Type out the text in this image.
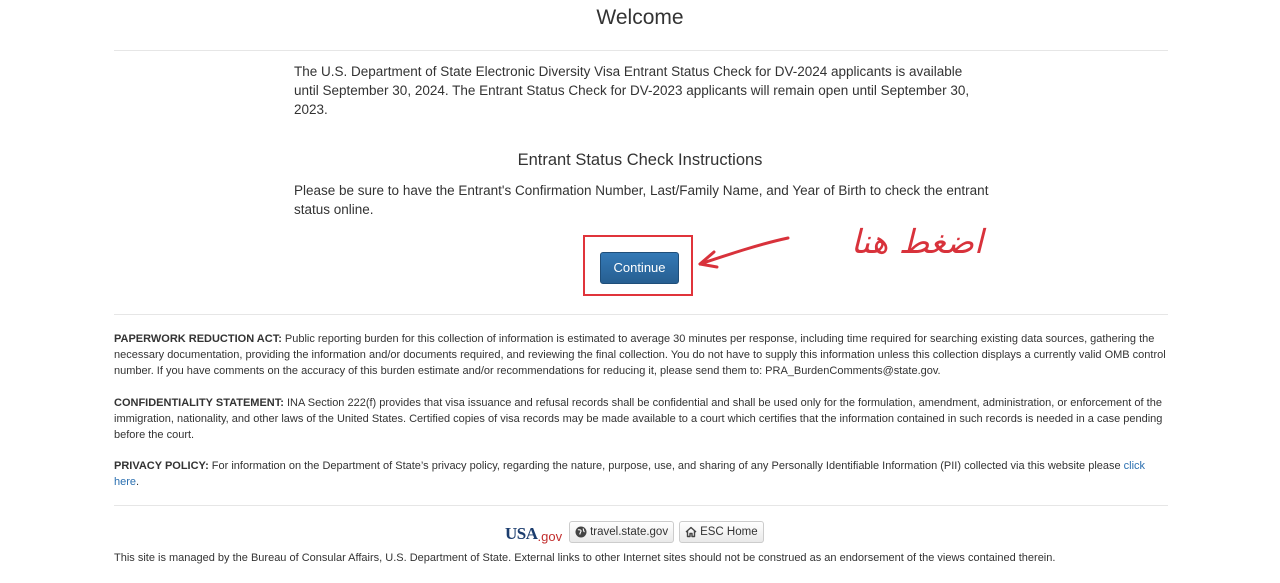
Welcome
The U.S. Department of State Electronic Diversity Visa Entrant Status Check for DV-2024 applicants is available until September 30, 2024. The Entrant Status Check for DV-2023 applicants will remain open until September 30, 2023.
Entrant Status Check Instructions
Please be sure to have the Entrant's Confirmation Number, Last/Family Name, and Year of Birth to check the entrant status online.
Continue
اضغط هنا
PAPERWORK REDUCTION ACT: Public reporting burden for this collection of information is estimated to average 30 minutes per response, including time required for searching existing data sources, gathering the necessary documentation, providing the information and/or documents required, and reviewing the final collection. You do not have to supply this information unless this collection displays a currently valid OMB control number. If you have comments on the accuracy of this burden estimate and/or recommendations for reducing it, please send them to: PRA_BurdenComments@state.gov.
CONFIDENTIALITY STATEMENT: INA Section 222(f) provides that visa issuance and refusal records shall be confidential and shall be used only for the formulation, amendment, administration, or enforcement of the immigration, nationality, and other laws of the United States. Certified copies of visa records may be made available to a court which certifies that the information contained in such records is needed in a case pending before the court.
PRIVACY POLICY: For information on the Department of State’s privacy policy, regarding the nature, purpose, use, and sharing of any Personally Identifiable Information (PII) collected via this website please click here.
USA .gov travel.state.gov	ESC Home
This site is managed by the Bureau of Consular Affairs, U.S. Department of State. External links to other Internet sites should not be construed as an endorsement of the views contained therein.
